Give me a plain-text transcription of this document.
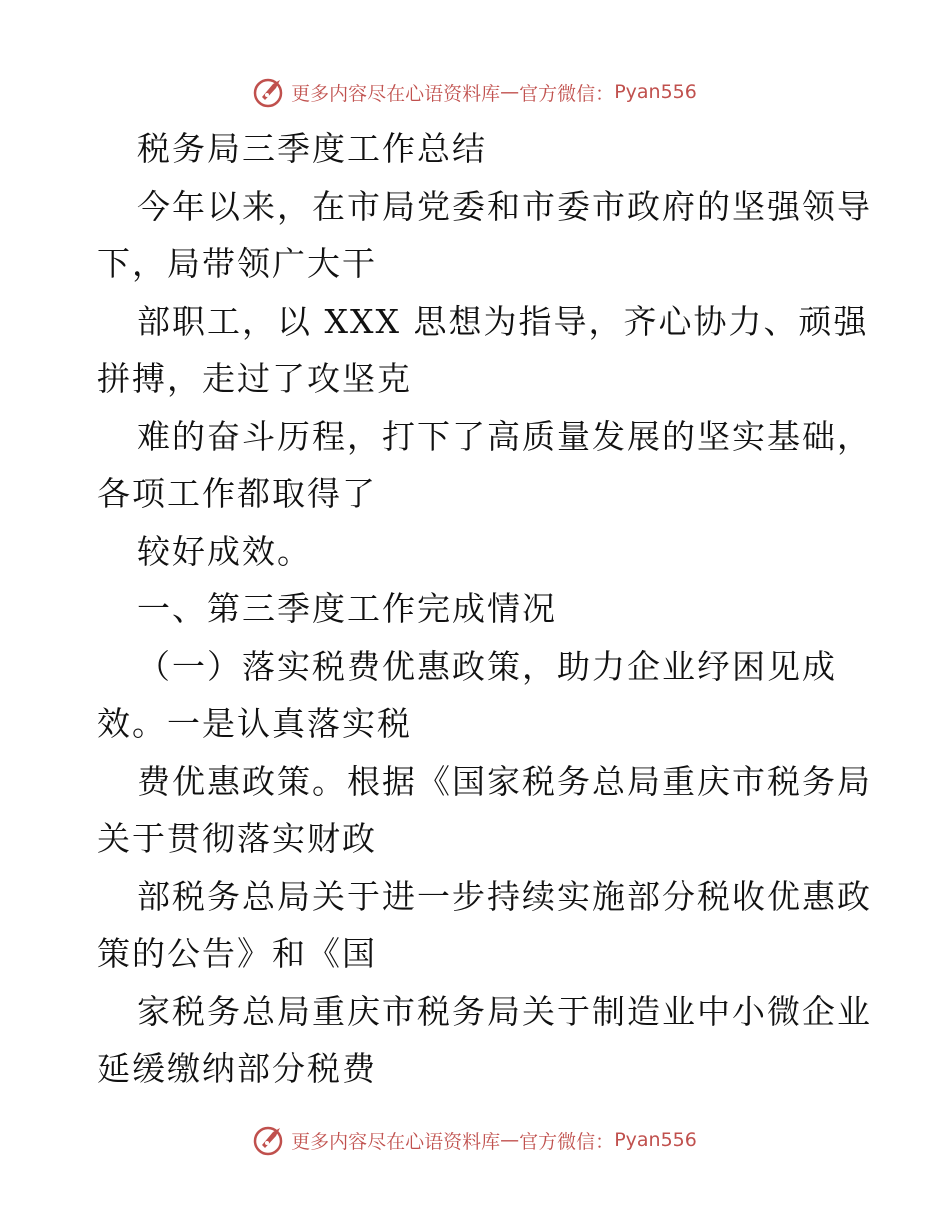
更多内容尽在心语资料库 — 官方微信： Pyan556
税务局三季度工作总结
今年以来，在市局党委和市委市政府的坚强领导
下，局带领广大干
部职工，以 XXX 思想为指导，齐心协力、顽强
拼搏，走过了攻坚克
难的奋斗历程，打下了高质量发展的坚实基础，
各项工作都取得了
较好成效。
一、第三季度工作完成情况
（一）落实税费优惠政策，助力企业纾困见成
效。一是认真落实税
费优惠政策。根据《国家税务总局重庆市税务局
关于贯彻落实财政
部税务总局关于进一步持续实施部分税收优惠政
策的公告》和《国
家税务总局重庆市税务局关于制造业中小微企业
延缓缴纳部分税费
更多内容尽在心语资料库 — 官方微信： Pyan556
